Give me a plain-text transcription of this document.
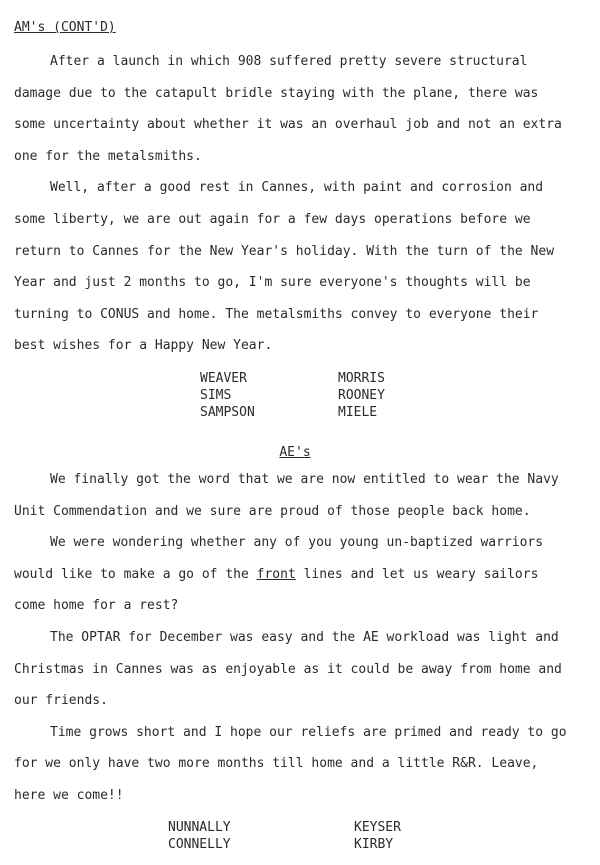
AM's (CONT'D)

After a launch in which 908 suffered pretty severe structural damage due to the catapult bridle staying with the plane, there was some uncertainty about whether it was an overhaul job and not an extra one for the metalsmiths.

Well, after a good rest in Cannes, with paint and corrosion and some liberty, we are out again for a few days operations before we return to Cannes for the New Year's holiday. With the turn of the New Year and just 2 months to go, I'm sure everyone's thoughts will be turning to CONUS and home. The metalsmiths convey to everyone their best wishes for a Happy New Year.

WEAVER	MORRIS
SIMS	ROONEY
SAMPSON	MIELE
AE's

We finally got the word that we are now entitled to wear the Navy Unit Commendation and we sure are proud of those people back home.

We were wondering whether any of you young un-baptized warriors would like to make a go of the front lines and let us weary sailors come home for a rest?

The OPTAR for December was easy and the AE workload was light and Christmas in Cannes was as enjoyable as it could be away from home and our friends.

Time grows short and I hope our reliefs are primed and ready to go for we only have two more months till home and a little R&R. Leave, here we come!!

NUNNALLY	KEYSER
CONNELLY	KIRBY
